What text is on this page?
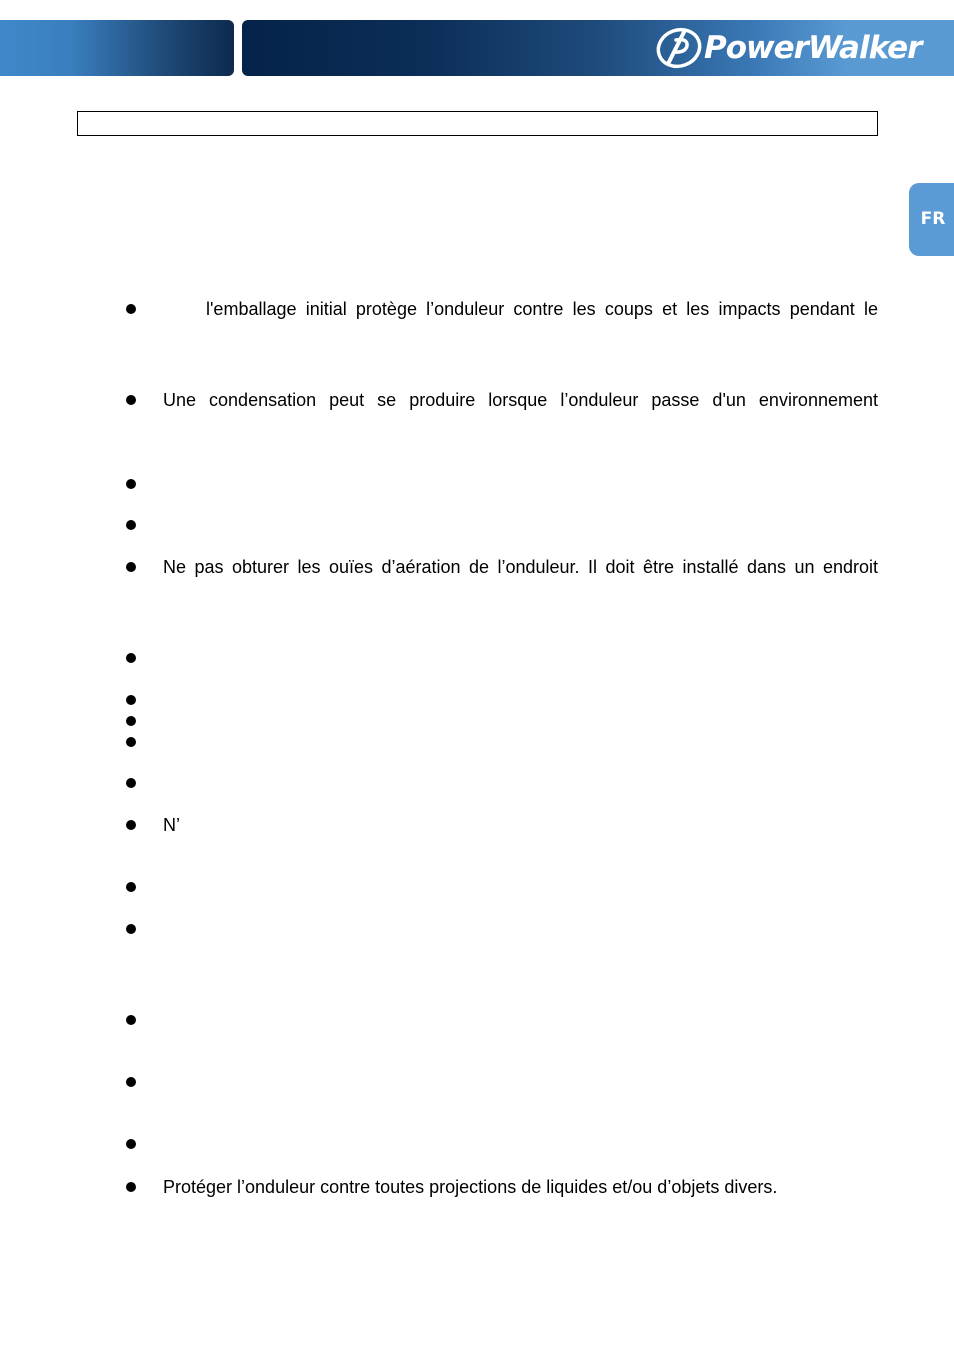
PowerWalker
FR
l'emballage initial protège l’onduleur contre les coups et les impacts pendant le
Une condensation peut se produire lorsque l’onduleur passe d'un environnement
Ne pas obturer les ouïes d’aération de l’onduleur. Il doit être installé dans un endroit
N’
Protéger l’onduleur contre toutes projections de liquides et/ou d’objets divers.
